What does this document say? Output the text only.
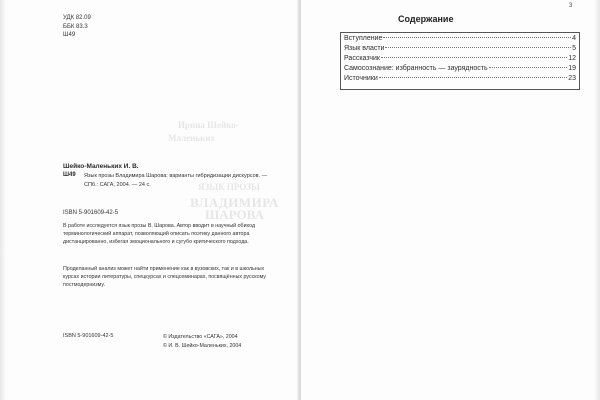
УДК 82.09
ББК 83.3
Ш49
Ирина Шейко-
Маленьких
ЯЗЫК ПРОЗЫ
ВЛАДИМИРА
ШАРОВА
Шейко-Маленьких И. В.
Ш49 Язык прозы Владимира Шарова: варианты гибридизации дискурсов. — СПб.: САГА, 2004. — 24 с.
ISBN 5-901609-42-5
В работе исследуется язык прозы В. Шарова. Автор вводит в научный обиход терминологический аппарат, позволяющий описать поэтику данного автора дистанцированно, избегая эмоционального и сугубо критического подхода.
Проделанный анализ может найти применение как в вузовских, так и в школьных курсах истории литературы, спецкурсах и спецсеминарах, посвящённых русскому постмодернизму.
ISBN 5-901609-42-5	© Издательство «САГА», 2004
© И. В. Шейко-Маленьких, 2004
3
Содержание
Вступление	4
Язык власти	5
Рассказчик	12
Самосознание: избранность — заурядность	19
Источники	23
